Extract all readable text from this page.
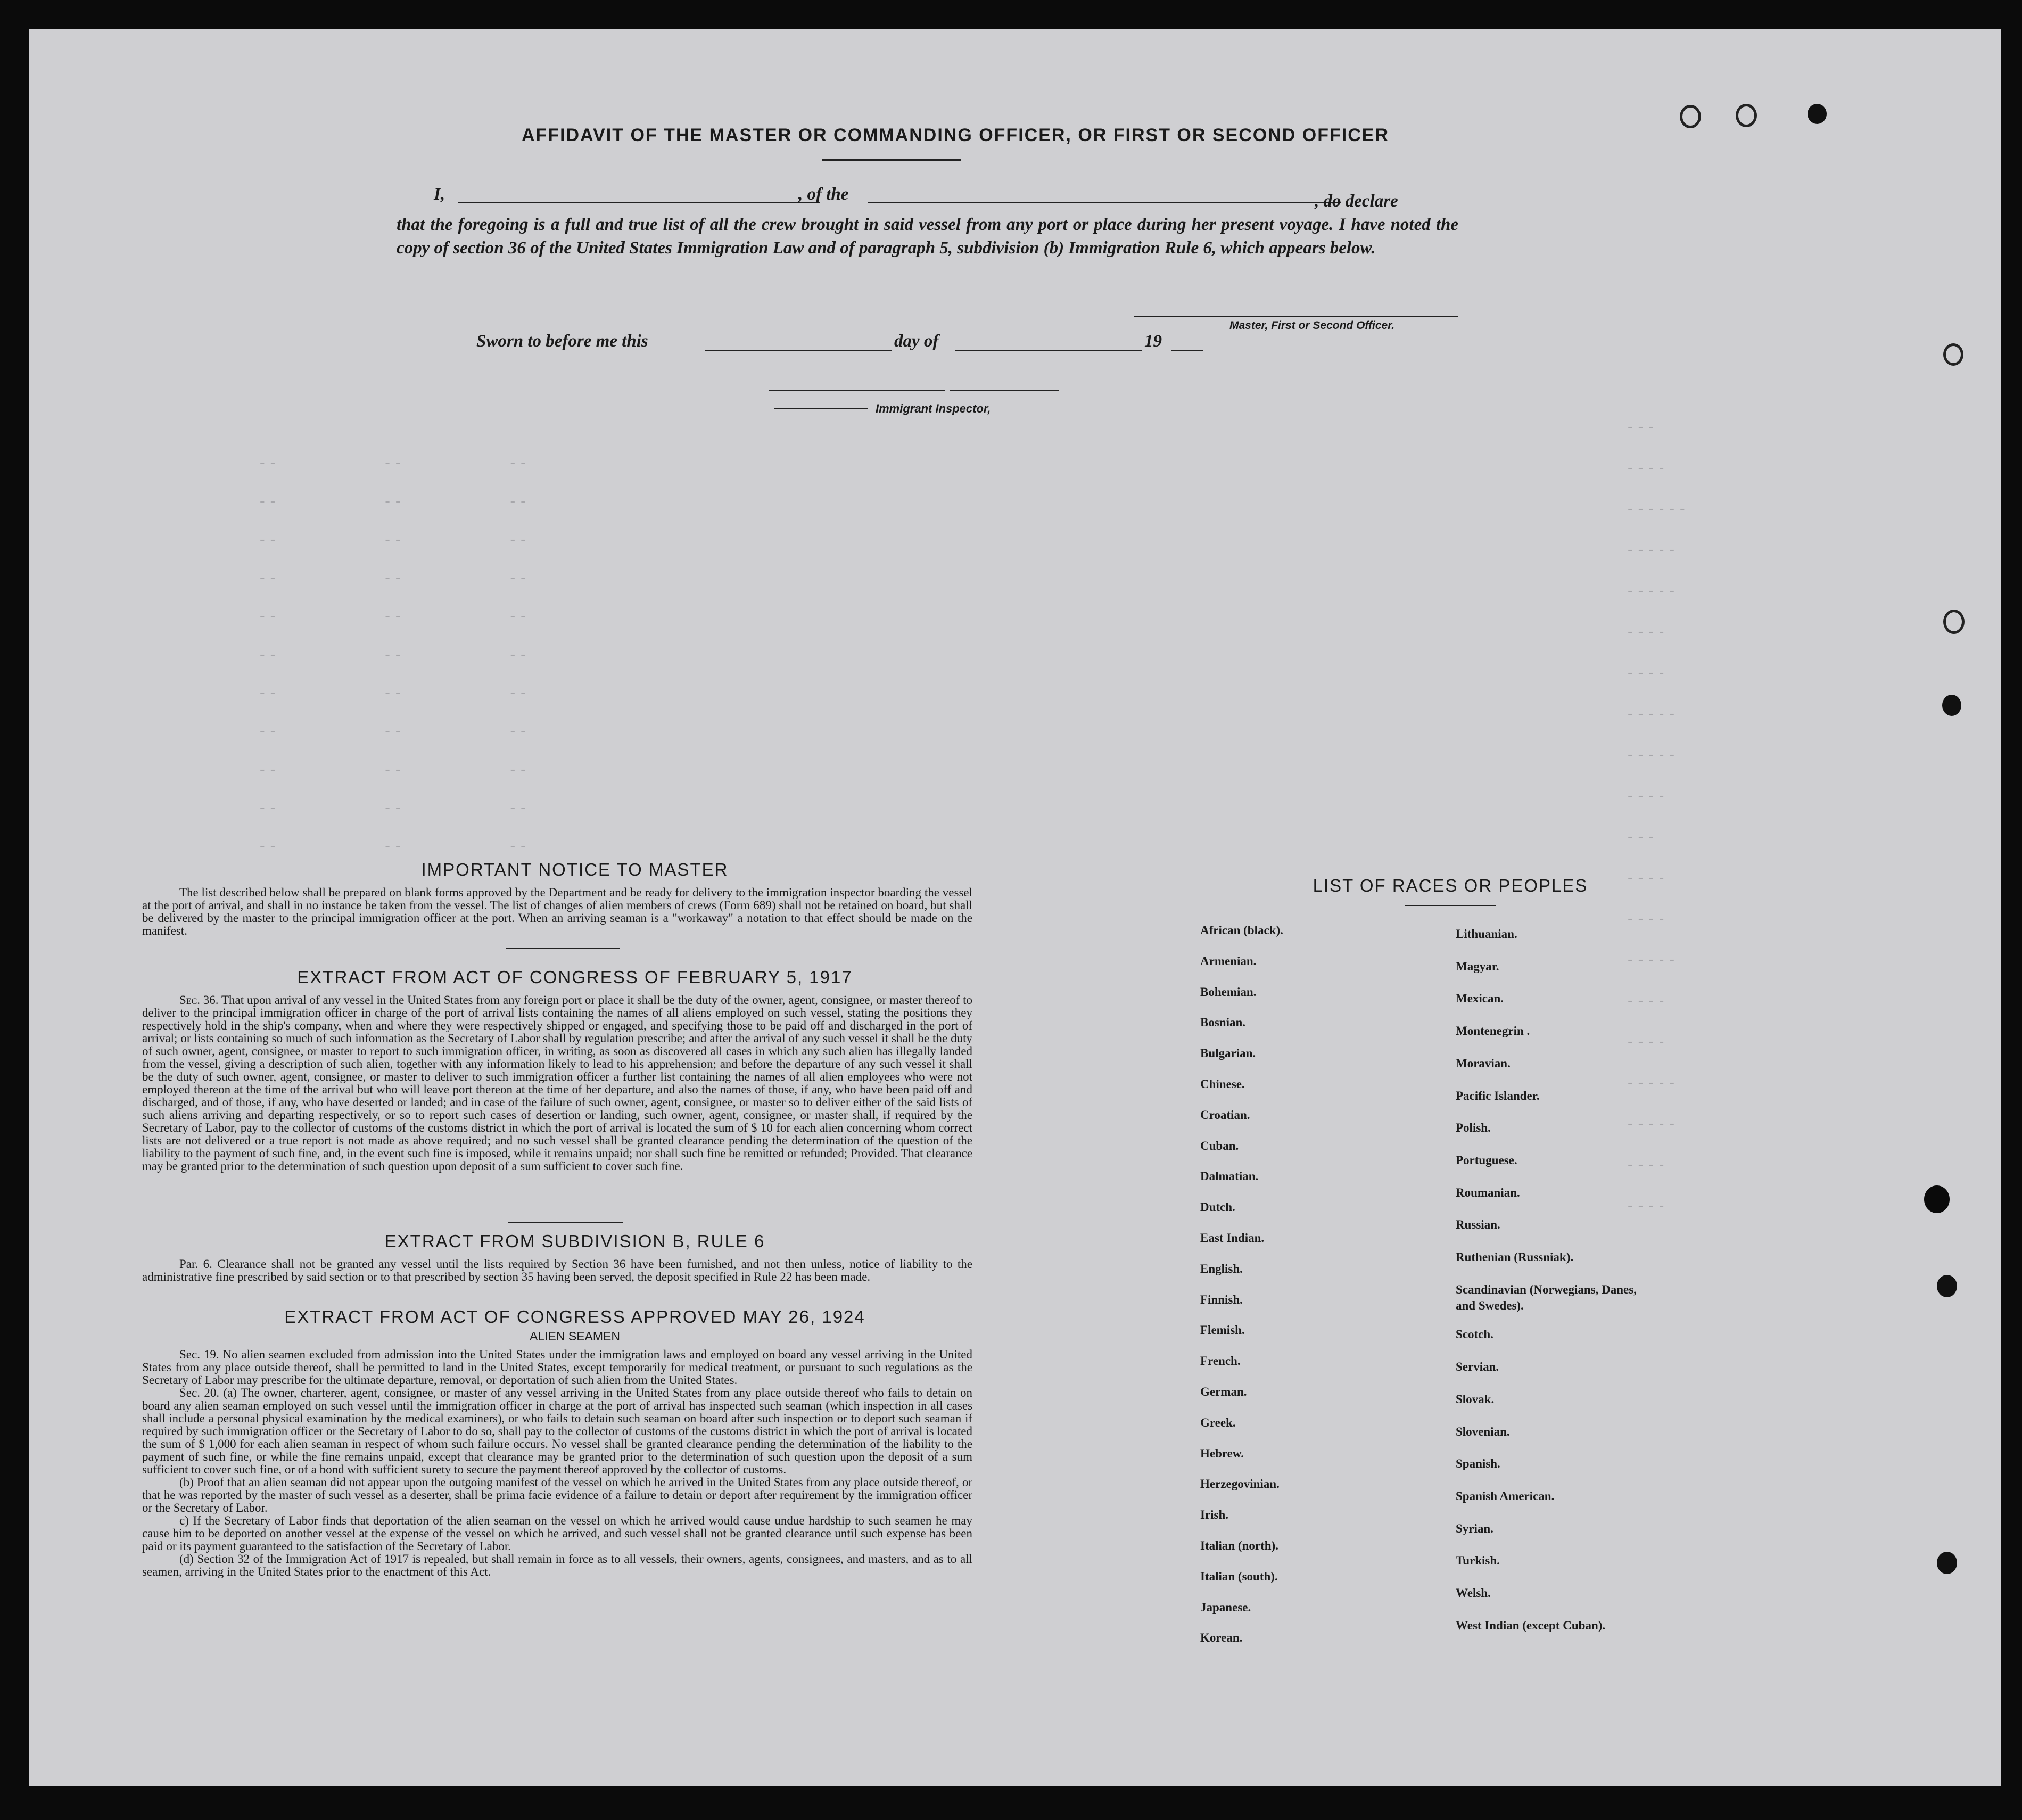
---
----
------
-----
-----
----
----
-----
-----
----
---
----
----
-----
----
----
-----
-----
----
----
--          --          --
--          --          --
--          --          --
--          --          --
--          --          --
--          --          --
--          --          --
--          --          --
--          --          --
--          --          --
--          --          --
AFFIDAVIT OF THE MASTER OR COMMANDING OFFICER, OR FIRST OR SECOND OFFICER
I,	, of the	, do declare
that the foregoing is a full and true list of all the crew brought in said vessel from any port or place during her present voyage. I have noted the copy of section 36 of the United States Immigration Law and of paragraph 5, subdivision (b) Immigration Rule 6, which appears below.
Master, First or Second Officer.
Sworn to before me this	day of	19
Immigrant Inspector,
IMPORTANT NOTICE TO MASTER
The list described below shall be prepared on blank forms approved by the Department and be ready for delivery to the immigration inspector boarding the vessel at the port of arrival, and shall in no instance be taken from the vessel. The list of changes of alien members of crews (Form 689) shall not be retained on board, but shall be delivered by the master to the principal immigration officer at the port. When an arriving seaman is a "workaway" a notation to that effect should be made on the manifest.
EXTRACT FROM ACT OF CONGRESS OF FEBRUARY 5, 1917
Sec. 36. That upon arrival of any vessel in the United States from any foreign port or place it shall be the duty of the owner, agent, consignee, or master thereof to deliver to the principal immigration officer in charge of the port of arrival lists containing the names of all aliens employed on such vessel, stating the positions they respectively hold in the ship's company, when and where they were respectively shipped or engaged, and specifying those to be paid off and discharged in the port of arrival; or lists containing so much of such information as the Secretary of Labor shall by regulation prescribe; and after the arrival of any such vessel it shall be the duty of such owner, agent, consignee, or master to report to such immigration officer, in writing, as soon as discovered all cases in which any such alien has illegally landed from the vessel, giving a description of such alien, together with any information likely to lead to his apprehension; and before the departure of any such vessel it shall be the duty of such owner, agent, consignee, or master to deliver to such immigration officer a further list containing the names of all alien employees who were not employed thereon at the time of the arrival but who will leave port thereon at the time of her departure, and also the names of those, if any, who have been paid off and discharged, and of those, if any, who have deserted or landed; and in case of the failure of such owner, agent, consignee, or master so to deliver either of the said lists of such aliens arriving and departing respectively, or so to report such cases of desertion or landing, such owner, agent, consignee, or master shall, if required by the Secretary of Labor, pay to the collector of customs of the customs district in which the port of arrival is located the sum of $ 10 for each alien concerning whom correct lists are not delivered or a true report is not made as above required; and no such vessel shall be granted clearance pending the determination of the question of the liability to the payment of such fine, and, in the event such fine is imposed, while it remains unpaid; nor shall such fine be remitted or refunded; Provided. That clearance may be granted prior to the determination of such question upon deposit of a sum sufficient to cover such fine.
EXTRACT FROM SUBDIVISION B, RULE 6
Par. 6. Clearance shall not be granted any vessel until the lists required by Section 36 have been furnished, and not then unless, notice of liability to the administrative fine prescribed by said section or to that prescribed by section 35 having been served, the deposit specified in Rule 22 has been made.
EXTRACT FROM ACT OF CONGRESS APPROVED MAY 26, 1924
ALIEN SEAMEN
Sec. 19. No alien seamen excluded from admission into the United States under the immigration laws and employed on board any vessel arriving in the United States from any place outside thereof, shall be permitted to land in the United States, except temporarily for medical treatment, or pursuant to such regulations as the Secretary of Labor may prescribe for the ultimate departure, removal, or deportation of such alien from the United States.
Sec. 20. (a) The owner, charterer, agent, consignee, or master of any vessel arriving in the United States from any place outside thereof who fails to detain on board any alien seaman employed on such vessel until the immigration officer in charge at the port of arrival has inspected such seaman (which inspection in all cases shall include a personal physical examination by the medical examiners), or who fails to detain such seaman on board after such inspection or to deport such seaman if required by such immigration officer or the Secretary of Labor to do so, shall pay to the collector of customs of the customs district in which the port of arrival is located the sum of $ 1,000 for each alien seaman in respect of whom such failure occurs. No vessel shall be granted clearance pending the determination of the liability to the payment of such fine, or while the fine remains unpaid, except that clearance may be granted prior to the determination of such question upon the deposit of a sum sufficient to cover such fine, or of a bond with sufficient surety to secure the payment thereof approved by the collector of customs.
(b) Proof that an alien seaman did not appear upon the outgoing manifest of the vessel on which he arrived in the United States from any place outside thereof, or that he was reported by the master of such vessel as a deserter, shall be prima facie evidence of a failure to detain or deport after requirement by the immigration officer or the Secretary of Labor.
c) If the Secretary of Labor finds that deportation of the alien seaman on the vessel on which he arrived would cause undue hardship to such seamen he may cause him to be deported on another vessel at the expense of the vessel on which he arrived, and such vessel shall not be granted clearance until such expense has been paid or its payment guaranteed to the satisfaction of the Secretary of Labor.
(d) Section 32 of the Immigration Act of 1917 is repealed, but shall remain in force as to all vessels, their owners, agents, consignees, and masters, and as to all seamen, arriving in the United States prior to the enactment of this Act.
LIST OF RACES OR PEOPLES
African (black).
Armenian.
Bohemian.
Bosnian.
Bulgarian.
Chinese.
Croatian.
Cuban.
Dalmatian.
Dutch.
East Indian.
English.
Finnish.
Flemish.
French.
German.
Greek.
Hebrew.
Herzegovinian.
Irish.
Italian (north).
Italian (south).
Japanese.
Korean.
Lithuanian.
Magyar.
Mexican.
Montenegrin .
Moravian.
Pacific Islander.
Polish.
Portuguese.
Roumanian.
Russian.
Ruthenian (Russniak).
Scandinavian (Norwegians, Danes, and Swedes).
Scotch.
Servian.
Slovak.
Slovenian.
Spanish.
Spanish American.
Syrian.
Turkish.
Welsh.
West Indian (except Cuban).
